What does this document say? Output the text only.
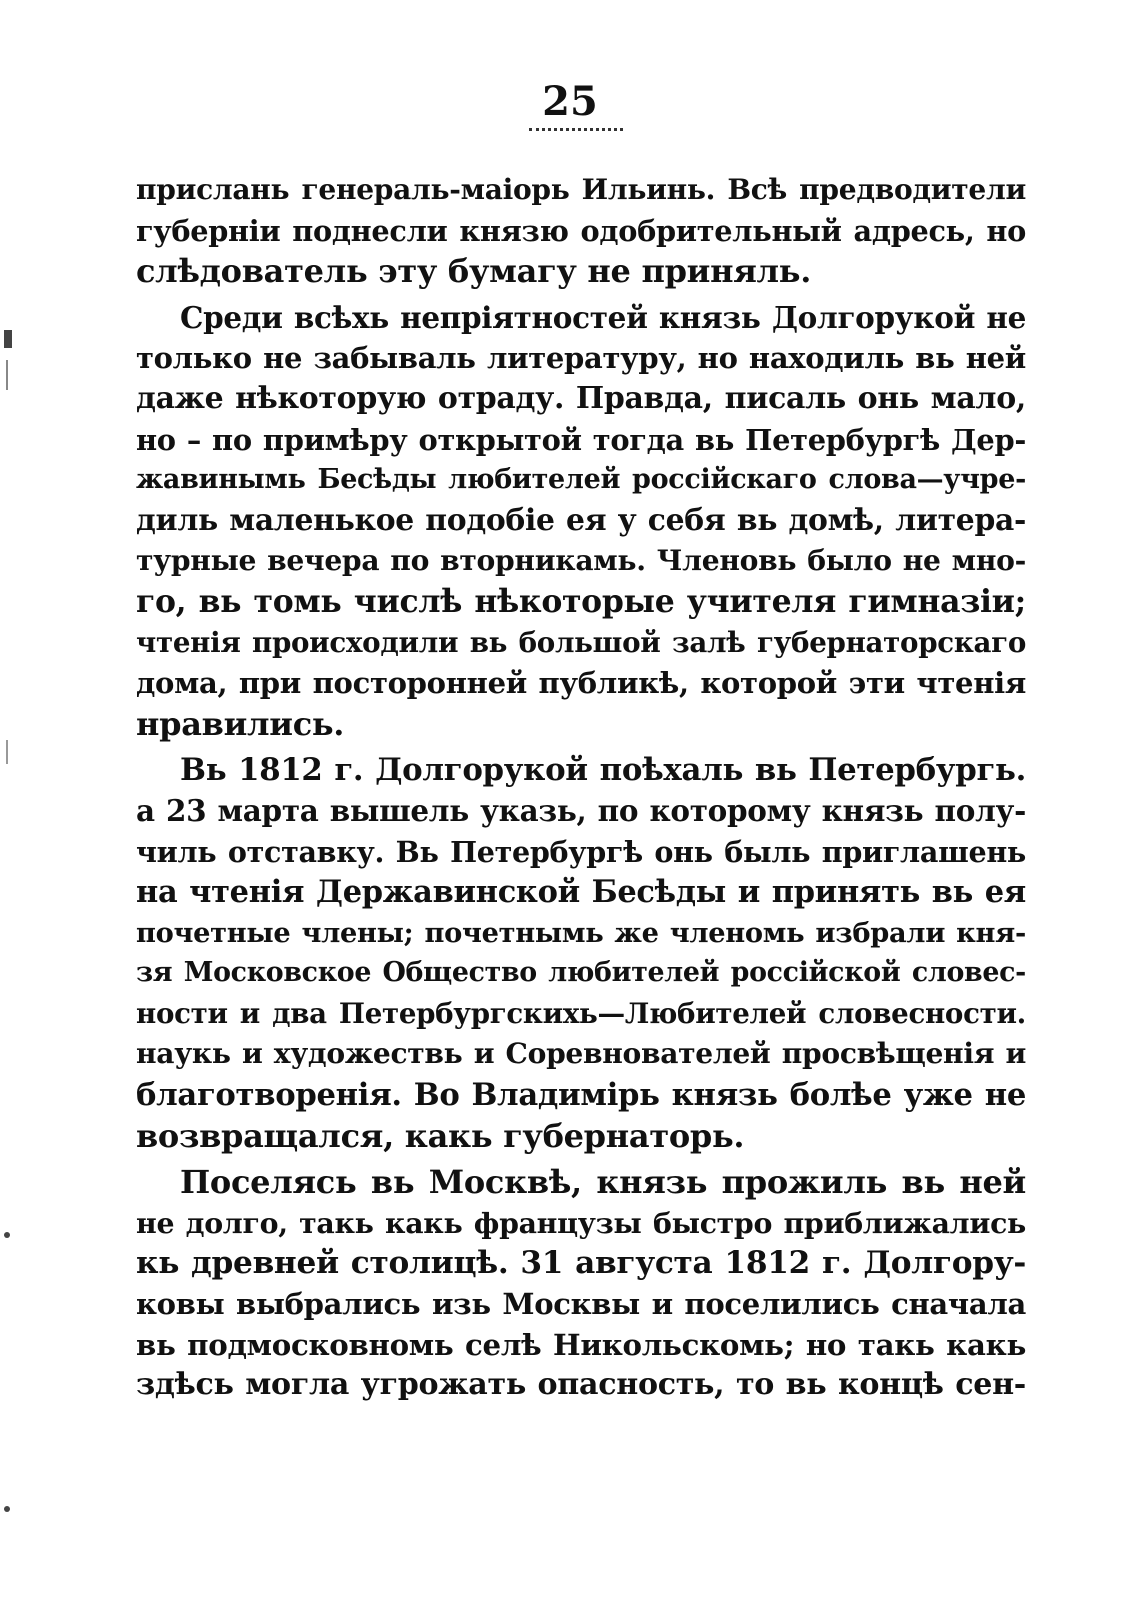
25
прислань генераль-маіорь Ильинь. Всѣ предводители
губерніи поднесли князю одобрительный адресь, но
слѣдователь эту бумагу не приняль.
Среди всѣхь непріятностей князь Долгорукой не
только не забываль литературу, но находиль вь ней
даже нѣкоторую отраду. Правда, писаль онь мало,
но – по примѣру открытой тогда вь Петербургѣ Дер-
жавинымь Бесѣды любителей россійскаго слова—учре-
диль маленькое подобіе ея у себя вь домѣ, литера-
турные вечера по вторникамь. Членовь было не мно-
го, вь томь числѣ нѣкоторые учителя гимназіи;
чтенія происходили вь большой залѣ губернаторскаго
дома, при посторонней публикѣ, которой эти чтенія
нравились.
Вь 1812 г. Долгорукой поѣхаль вь Петербургь.
а 23 марта вышель указь, по которому князь полу-
чиль отставку. Вь Петербургѣ онь быль приглашень
на чтенія Державинской Бесѣды и принять вь ея
почетные члены; почетнымь же членомь избрали кня-
зя Московское Общество любителей россійской словес-
ности и два Петербургскихь—Любителей словесности.
наукь и художествь и Соревнователей просвѣщенія и
благотворенія. Во Владимірь князь болѣе уже не
возвращался, какь губернаторь.
Поселясь вь Москвѣ, князь прожиль вь ней
не долго, такь какь французы быстро приближались
кь древней столицѣ. 31 августа 1812 г. Долгору-
ковы выбрались изь Москвы и поселились сначала
вь подмосковномь селѣ Никольскомь; но такь какь
здѣсь могла угрожать опасность, то вь концѣ сен-
